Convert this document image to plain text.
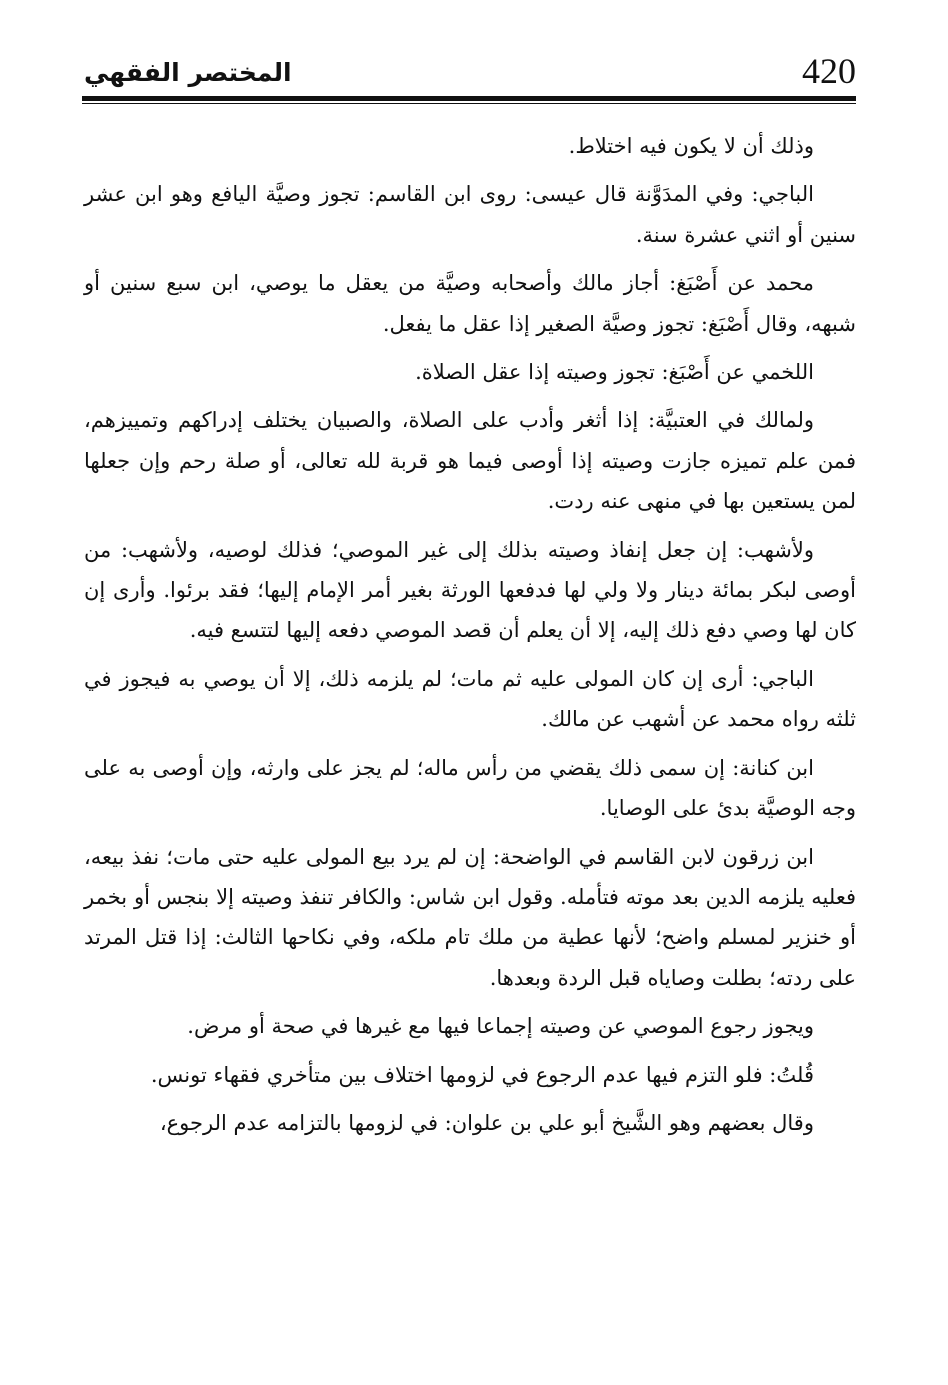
المختصر الفقهي	420

وذلك أن لا يكون فيه اختلاط.

الباجي: وفي المدَوَّنة قال عيسى: روى ابن القاسم: تجوز وصيَّة اليافع وهو ابن عشر سنين أو اثني عشرة سنة.

محمد عن أَصْبَغ: أجاز مالك وأصحابه وصيَّة من يعقل ما يوصي، ابن سبع سنين أو شبهه، وقال أَصْبَغ: تجوز وصيَّة الصغير إذا عقل ما يفعل.

اللخمي عن أَصْبَغ: تجوز وصيته إذا عقل الصلاة.

ولمالك في العتبيَّة: إذا أثغر وأدب على الصلاة، والصبيان يختلف إدراكهم وتمييزهم، فمن علم تميزه جازت وصيته إذا أوصى فيما هو قربة لله تعالى، أو صلة رحم وإن جعلها لمن يستعين بها في منهى عنه ردت.

ولأشهب: إن جعل إنفاذ وصيته بذلك إلى غير الموصي؛ فذلك لوصيه، ولأشهب: من أوصى لبكر بمائة دينار ولا ولي لها فدفعها الورثة بغير أمر الإمام إليها؛ فقد برئوا. وأرى إن كان لها وصي دفع ذلك إليه، إلا أن يعلم أن قصد الموصي دفعه إليها لتتسع فيه.

الباجي: أرى إن كان المولى عليه ثم مات؛ لم يلزمه ذلك، إلا أن يوصي به فيجوز في ثلثه رواه محمد عن أشهب عن مالك.

ابن كنانة: إن سمى ذلك يقضي من رأس ماله؛ لم يجز على وارثه، وإن أوصى به على وجه الوصيَّة بدئ على الوصايا.

ابن زرقون لابن القاسم في الواضحة: إن لم يرد بيع المولى عليه حتى مات؛ نفذ بيعه، فعليه يلزمه الدين بعد موته فتأمله. وقول ابن شاس: والكافر تنفذ وصيته إلا بنجس أو بخمر أو خنزير لمسلم واضح؛ لأنها عطية من ملك تام ملكه، وفي نكاحها الثالث: إذا قتل المرتد على ردته؛ بطلت وصاياه قبل الردة وبعدها.

ويجوز رجوع الموصي عن وصيته إجماعا فيها مع غيرها في صحة أو مرض.

قُلتُ: فلو التزم فيها عدم الرجوع في لزومها اختلاف بين متأخري فقهاء تونس.

وقال بعضهم وهو الشَّيخ أبو علي بن علوان: في لزومها بالتزامه عدم الرجوع،
